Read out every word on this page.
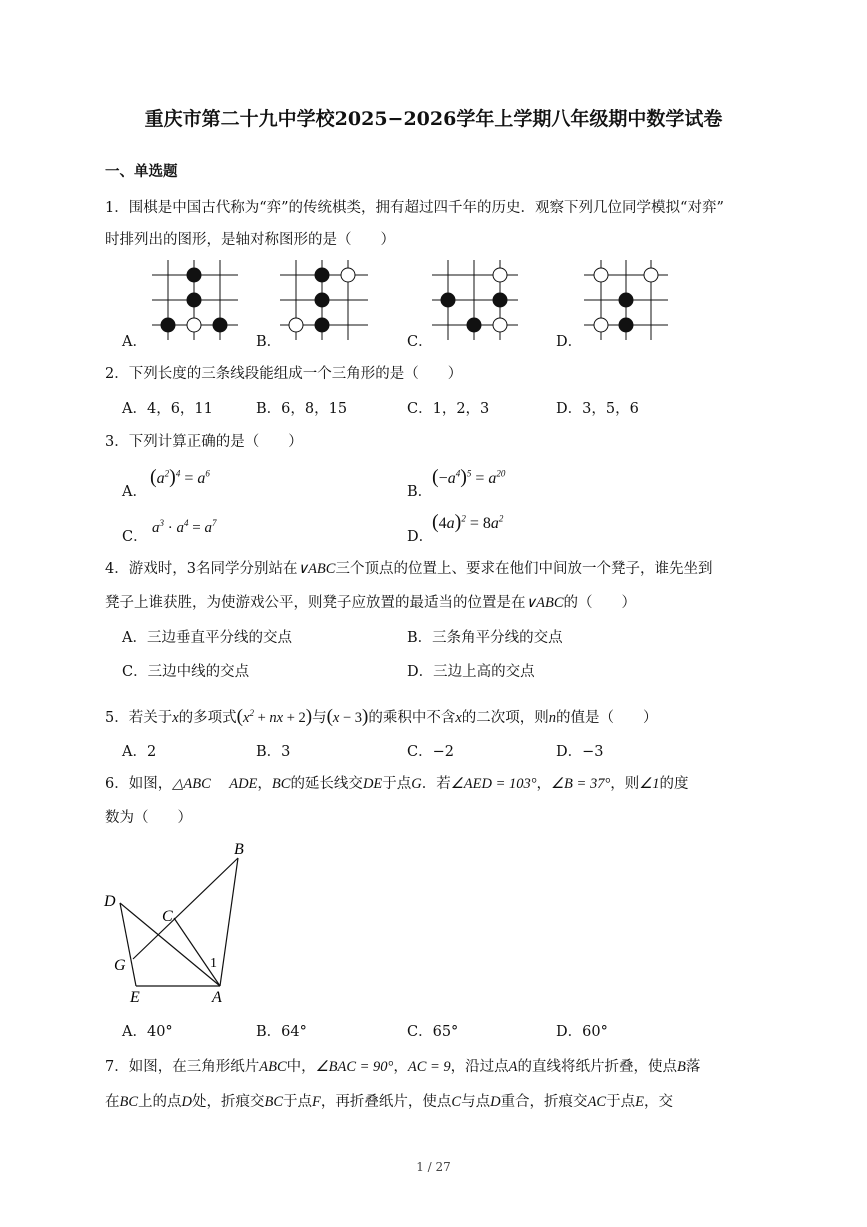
重庆市第二十九中学校2025−2026学年上学期八年级期中数学试卷
一、单选题
1．围棋是中国古代称为“弈”的传统棋类，拥有超过四千年的历史．观察下列几位同学模拟“对弈”
时排列出的图形，是轴对称图形的是（　　）
A．	B．	C．	D．
2．下列长度的三条线段能组成一个三角形的是（　　）
A．4，6，11	B．6，8，15	C．1，2，3	D．3，5，6
3．下列计算正确的是（　　）
A．
$(a^2)^4 = a^6$
B．
$(-a^4)^5 = a^{20}$
C．
$a^3 \cdot a^4 = a^7$
D．
$(4a)^2 = 8a^2$
4．游戏时，3名同学分别站在∨ABC三个顶点的位置上、要求在他们中间放一个凳子，谁先坐到
凳子上谁获胜，为使游戏公平，则凳子应放置的最适当的位置是在∨ABC的（　　）
A．三边垂直平分线的交点	B．三条角平分线的交点
C．三边中线的交点	D．三边上高的交点
5．若关于x的多项式($x^2$ + nx + 2)与(x − 3)的乘积中不含x的二次项，则n的值是（　　）
A．2	B．3	C．−2	D．−3
6．如图，△ABC ADE，BC的延长线交DE于点G．若∠AED = 103°，∠B = 37°，则∠1的度
数为（　　）
D
B
C
G
E	A
1
A．40°	B．64°	C．65°	D．60°
7．如图，在三角形纸片ABC中，∠BAC = 90°，AC = 9，沿过点A的直线将纸片折叠，使点B落
在BC上的点D处，折痕交BC于点F，再折叠纸片，使点C与点D重合，折痕交AC于点E，交
1 / 27
